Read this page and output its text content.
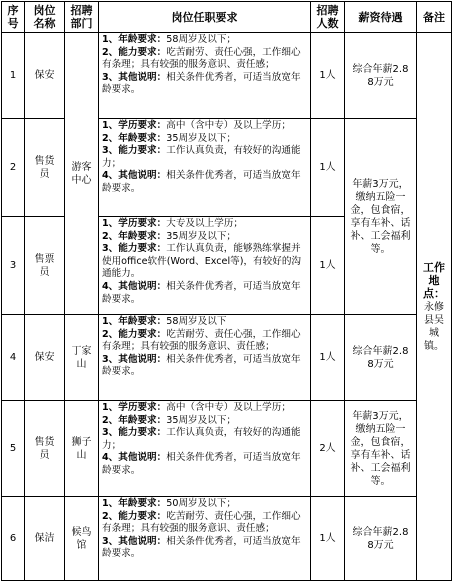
序号	岗位名称	招聘部门	岗位任职要求	招聘人数	薪资待遇	备注
1	保安	游客中心	1、年龄要求：58周岁及以下；
2、能力要求：吃苦耐劳、责任心强，工作细心有条理；具有较强的服务意识、责任感；
3、其他说明：相关条件优秀者，可适当放宽年龄要求。	1人	综合年薪2.88万元	工作地点：永修县吴城镇。
2	售货员		1、学历要求：高中（含中专）及以上学历；
2、年龄要求：35周岁及以下；
3、能力要求：工作认真负责，有较好的沟通能力；
4、其他说明：相关条件优秀者，可适当放宽年龄要求。	1人	年薪3万元，缴纳五险一金，包食宿，享有车补、话补、工会福利等。	
3	售票员		1、学历要求：大专及以上学历；
2、年龄要求：35周岁及以下；
3、能力要求：工作认真负责，能够熟练掌握并使用office软件(Word、Excel等)，有较好的沟通能力。
4、其他说明：相关条件优秀者，可适当放宽年龄要求。	1人		
4	保安	丁家山	1、年龄要求：58周岁及以下
2、能力要求：吃苦耐劳、责任心强，工作细心有条理；具有较强的服务意识、责任感；
3、其他说明：相关条件优秀者，可适当放宽年龄要求。	1人	综合年薪2.88万元	
5	售货员	狮子山	1、学历要求：高中（含中专）及以上学历；
2、年龄要求：35周岁及以下；
3、能力要求：工作认真负责，有较好的沟通能力；
4、其他说明：相关条件优秀者，可适当放宽年龄要求。	2人	年薪3万元，缴纳五险一金，包食宿，享有车补、话补、工会福利等。	
6	保洁	候鸟馆	1、年龄要求：50周岁及以下；
2、能力要求：吃苦耐劳、责任心强，工作细心有条理；具有较强的服务意识、责任感；
3、其他说明：相关条件优秀者，可适当放宽年龄要求。	1人	综合年薪2.88万元	
